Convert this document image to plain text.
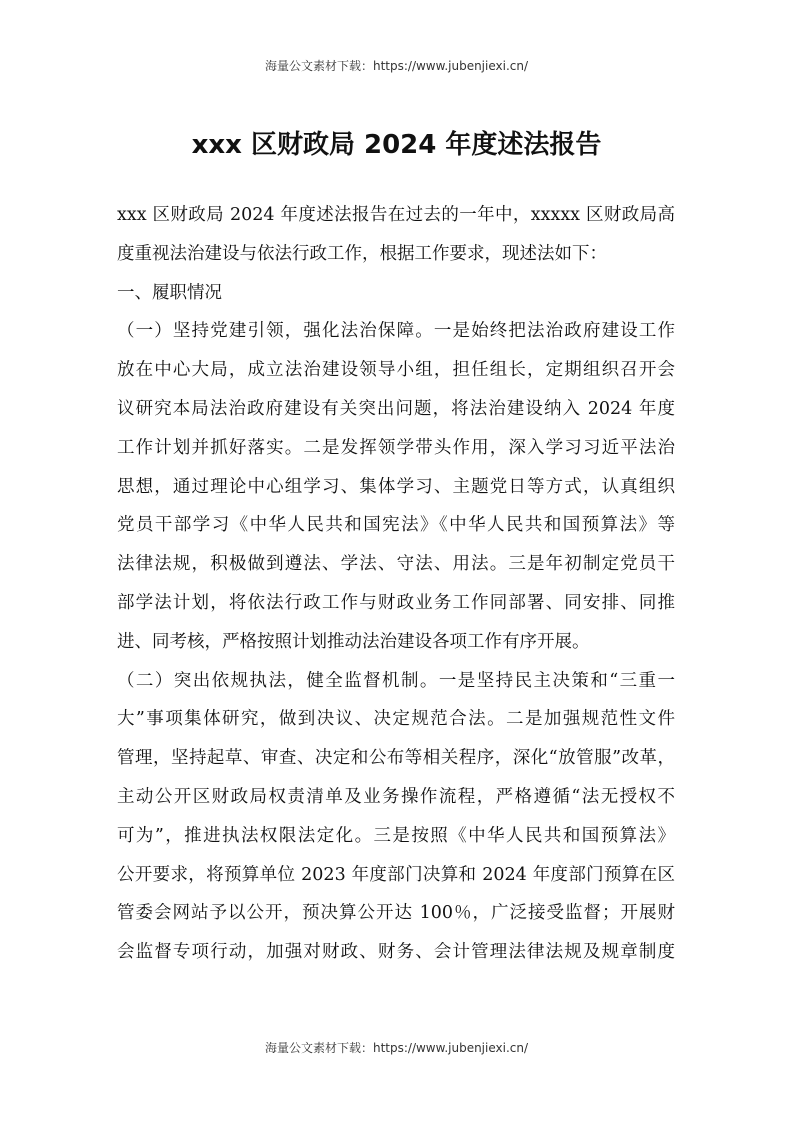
海量公文素材下载：https://www.jubenjiexi.cn/
xxx 区财政局 2024 年度述法报告
xxx 区财政局 2024 年度述法报告在过去的一年中，xxxxx 区财政局高
度重视法治建设与依法行政工作，根据工作要求，现述法如下：
一、履职情况
（一）坚持党建引领，强化法治保障。一是始终把法治政府建设工作
放在中心大局，成立法治建设领导小组，担任组长，定期组织召开会
议研究本局法治政府建设有关突出问题，将法治建设纳入 2024 年度
工作计划并抓好落实。二是发挥领学带头作用，深入学习习近平法治
思想，通过理论中心组学习、集体学习、主题党日等方式，认真组织
党员干部学习《中华人民共和国宪法》《中华人民共和国预算法》等
法律法规，积极做到遵法、学法、守法、用法。三是年初制定党员干
部学法计划，将依法行政工作与财政业务工作同部署、同安排、同推
进、同考核，严格按照计划推动法治建设各项工作有序开展。
（二）突出依规执法，健全监督机制。一是坚持民主决策和“三重一
大”事项集体研究，做到决议、决定规范合法。二是加强规范性文件
管理，坚持起草、审查、决定和公布等相关程序，深化“放管服”改革，
主动公开区财政局权责清单及业务操作流程，严格遵循“法无授权不
可为”，推进执法权限法定化。三是按照《中华人民共和国预算法》
公开要求，将预算单位 2023 年度部门决算和 2024 年度部门预算在区
管委会网站予以公开，预决算公开达 100％，广泛接受监督；开展财
会监督专项行动，加强对财政、财务、会计管理法律法规及规章制度
海量公文素材下载：https://www.jubenjiexi.cn/
